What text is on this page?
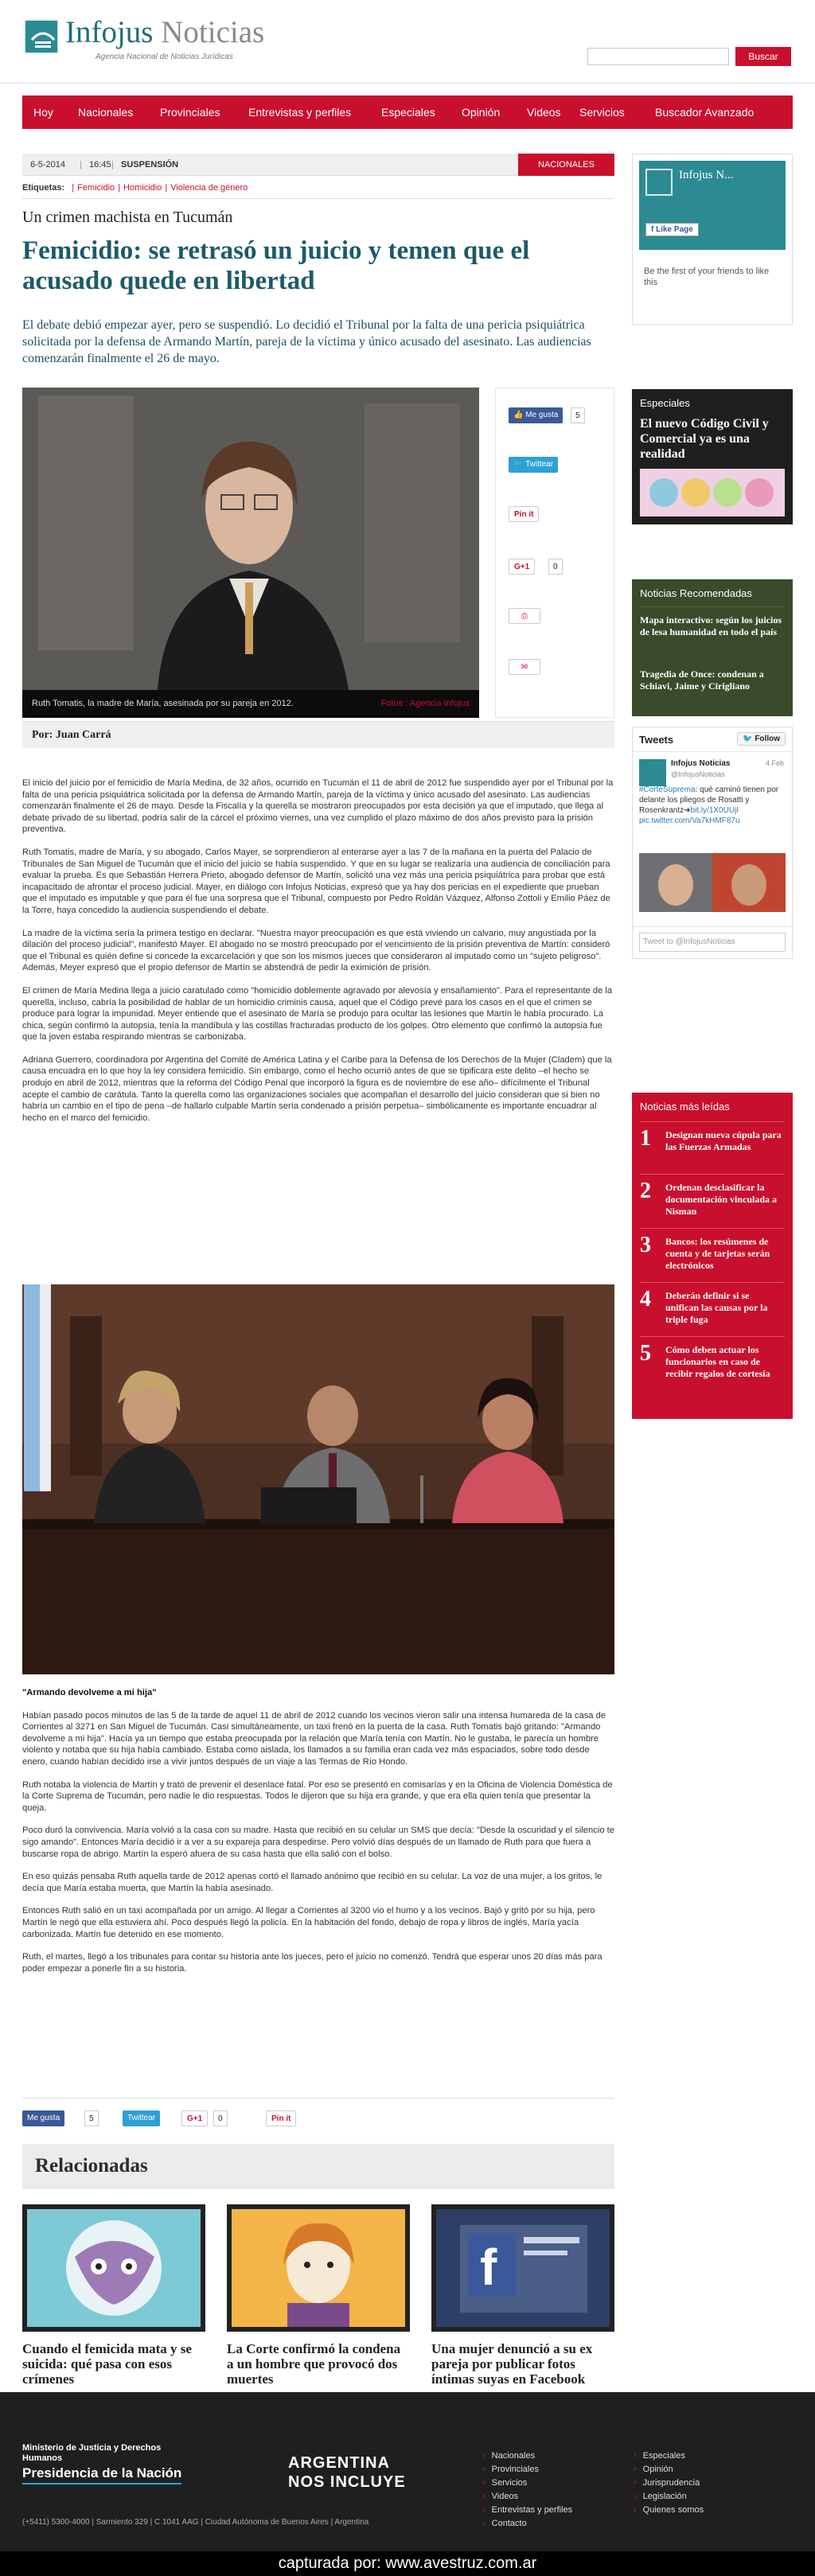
Infojus Noticias
Agencia Nacional de Noticias Jurídicas	Buscar
Hoy Nacionales Provinciales	Entrevistas y perfiles	Especiales Opinión Videos Servicios	Buscador Avanzado
6-5-2014 | 16:45 | SUSPENSIÓN	NACIONALES
Etiquetas: | Femicidio | Homicidio | Violencia de género
Un crimen machista en Tucumán
Femicidio: se retrasó un juicio y temen que el acusado quede en libertad
El debate debió empezar ayer, pero se suspendió. Lo decidió el Tribunal por la falta de una pericia psiquiátrica solicitada por la defensa de Armando Martín, pareja de la víctima y único acusado del asesinato. Las audiencias comenzarán finalmente el 26 de mayo.
Ruth Tomatis, la madre de María, asesinada por su pareja en 2012.	Fotos : Agencia Infojus
👍 Me gusta	5
🐦 Twittear
Pin it
G+1	0
⎙
✉
Por: Juan Carrá

El inicio del juicio por el femicidio de María Medina, de 32 años, ocurrido en Tucumán el 11 de abril de 2012 fue suspendido ayer por el Tribunal por la falta de una pericia psiquiátrica solicitada por la defensa de Armando Martín, pareja de la víctima y único acusado del asesinato. Las audiencias comenzarán finalmente el 26 de mayo. Desde la Fiscalía y la querella se mostraron preocupados por esta decisión ya que el imputado, que llega al debate privado de su libertad, podría salir de la cárcel el próximo viernes, una vez cumplido el plazo máximo de dos años previsto para la prisión preventiva.

Ruth Tomatis, madre de María, y su abogado, Carlos Mayer, se sorprendieron al enterarse ayer a las 7 de la mañana en la puerta del Palacio de Tribunales de San Miguel de Tucumán que el inicio del juicio se había suspendido. Y que en su lugar se realizaría una audiencia de conciliación para evaluar la prueba. Es que Sebastián Herrera Prieto, abogado defensor de Martín, solicitó una vez más una pericia psiquiátrica para probar que está incapacitado de afrontar el proceso judicial. Mayer, en diálogo con Infojus Noticias, expresó que ya hay dos pericias en el expediente que prueban que el imputado es imputable y que para él fue una sorpresa que el Tribunal, compuesto por Pedro Roldán Vázquez, Alfonso Zottoli y Emilio Páez de la Torre, haya concedido la audiencia suspendiendo el debate.

La madre de la víctima sería la primera testigo en declarar. "Nuestra mayor preocupación es que está viviendo un calvario, muy angustiada por la dilación del proceso judicial", manifestó Mayer. El abogado no se mostró preocupado por el vencimiento de la prisión preventiva de Martín: consideró que el Tribunal es quién define si concede la excarcelación y que son los mismos jueces que consideraron al imputado como un "sujeto peligroso". Además, Meyer expresó que el propio defensor de Martín se abstendrá de pedir la eximición de prisión.

El crimen de María Medina llega a juicio caratulado como "homicidio doblemente agravado por alevosía y ensañamiento". Para el representante de la querella, incluso, cabría la posibilidad de hablar de un homicidio criminis causa, aquel que el Código prevé para los casos en el que el crimen se produce para lograr la impunidad. Meyer entiende que el asesinato de María se produjo para ocultar las lesiones que Martín le había procurado. La chica, según confirmó la autopsia, tenía la mandíbula y las costillas fracturadas producto de los golpes. Otro elemento que confirmó la autopsia fue que la joven estaba respirando mientras se carbonizaba.

Adriana Guerrero, coordinadora por Argentina del Comité de América Latina y el Caribe para la Defensa de los Derechos de la Mujer (Cladem) que la causa encuadra en lo que hoy la ley considera femicidio. Sin embargo, como el hecho ocurrió antes de que se tipificara este delito –el hecho se produjo en abril de 2012, mientras que la reforma del Código Penal que incorporó la figura es de noviembre de ese año– difícilmente el Tribunal acepte el cambio de carátula. Tanto la querella como las organizaciones sociales que acompañan el desarrollo del juicio consideran que si bien no habría un cambio en el tipo de pena –de hallarlo culpable Martín sería condenado a prisión perpetua– simbólicamente es importante encuadrar al hecho en el marco del femicidio.

"Armando devolveme a mi hija"

Habían pasado pocos minutos de las 5 de la tarde de aquel 11 de abril de 2012 cuando los vecinos vieron salir una intensa humareda de la casa de Corrientes al 3271 en San Miguel de Tucumán. Casi simultáneamente, un taxi frenó en la puerta de la casa. Ruth Tomatis bajó gritando: "Armando devolveme a mi hija". Hacía ya un tiempo que estaba preocupada por la relación que María tenía con Martín. No le gustaba, le parecía un hombre violento y notaba que su hija había cambiado. Estaba como aislada, los llamados a su familia eran cada vez más espaciados, sobre todo desde enero, cuando habían decidido irse a vivir juntos después de un viaje a las Termas de Río Hondo.

Ruth notaba la violencia de Martín y trató de prevenir el desenlace fatal. Por eso se presentó en comisarías y en la Oficina de Violencia Doméstica de la Corte Suprema de Tucumán, pero nadie le dio respuestas. Todos le dijeron que su hija era grande, y que era ella quien tenía que presentar la queja.

Poco duró la convivencia. María volvió a la casa con su madre. Hasta que recibió en su celular un SMS que decía: "Desde la oscuridad y el silencio te sigo amando". Entonces María decidió ir a ver a su expareja para despedirse. Pero volvió días después de un llamado de Ruth para que fuera a buscarse ropa de abrigo. Martín la esperó afuera de su casa hasta que ella salió con el bolso.

En eso quizás pensaba Ruth aquella tarde de 2012 apenas cortó el llamado anónimo que recibió en su celular. La voz de una mujer, a los gritos, le decía que María estaba muerta, que Martín la había asesinado.

Entonces Ruth salió en un taxi acompañada por un amigo. Al llegar a Corrientes al 3200 vio el humo y a los vecinos. Bajó y gritó por su hija, pero Martín le negó que ella estuviera ahí. Poco después llegó la policía. En la habitación del fondo, debajo de ropa y libros de inglés, María yacía carbonizada. Martín fue detenido en ese momento.

Ruth, el martes, llegó a los tribunales para contar su historia ante los jueces, pero el juicio no comenzó. Tendrá que esperar unos 20 días más para poder empezar a ponerle fin a su historia.

Me gusta	5	Twittear	G+1	0	Pin it
Relacionadas
Cuando el femicida mata y se suicida: qué pasa con esos crímenes
La Corte confirmó la condena a un hombre que provocó dos muertes
f
Una mujer denunció a su ex pareja por publicar fotos íntimas suyas en Facebook
Infojus N...
f Like Page
Be the first of your friends to like this
Especiales
El nuevo Código Civil y Comercial ya es una realidad
Noticias Recomendadas
Mapa interactivo: según los juicios de lesa humanidad en todo el país
Tragedia de Once: condenan a Schiavi, Jaime y Cirigliano
Tweets	🐦 Follow
Infojus Noticias	4 Feb
@InfojusNoticias
#CorteSuprema: qué caminó tienen por delante los pliegos de Rosatti y Rosenkrantz➜bit.ly/1X0UUjI pic.twitter.com/Va7kHMF87u
Tweet to @InfojusNoticias
Noticias más leídas
1 Designan nueva cúpula para las Fuerzas Armadas
2 Ordenan desclasificar la documentación vinculada a Nisman
3 Bancos: los resúmenes de cuenta y de tarjetas serán electrónicos
4 Deberán definir si se unifican las causas por la triple fuga
5 Cómo deben actuar los funcionarios en caso de recibir regalos de cortesía
Ministerio de Justicia y Derechos Humanos
Presidencia de la Nación
ARGENTINA
NOS INCLUYE
(+5411) 5300-4000 | Sarmiento 329 | C 1041 AAG | Ciudad Autónoma de Buenos Aires | Argentina
› Nacionales
› Provinciales
› Servicios
› Videos
› Entrevistas y perfiles
› Contacto
› Especiales
› Opinión
› Jurisprudencia
› Legislación
› Quienes somos
capturada por: www.avestruz.com.ar
